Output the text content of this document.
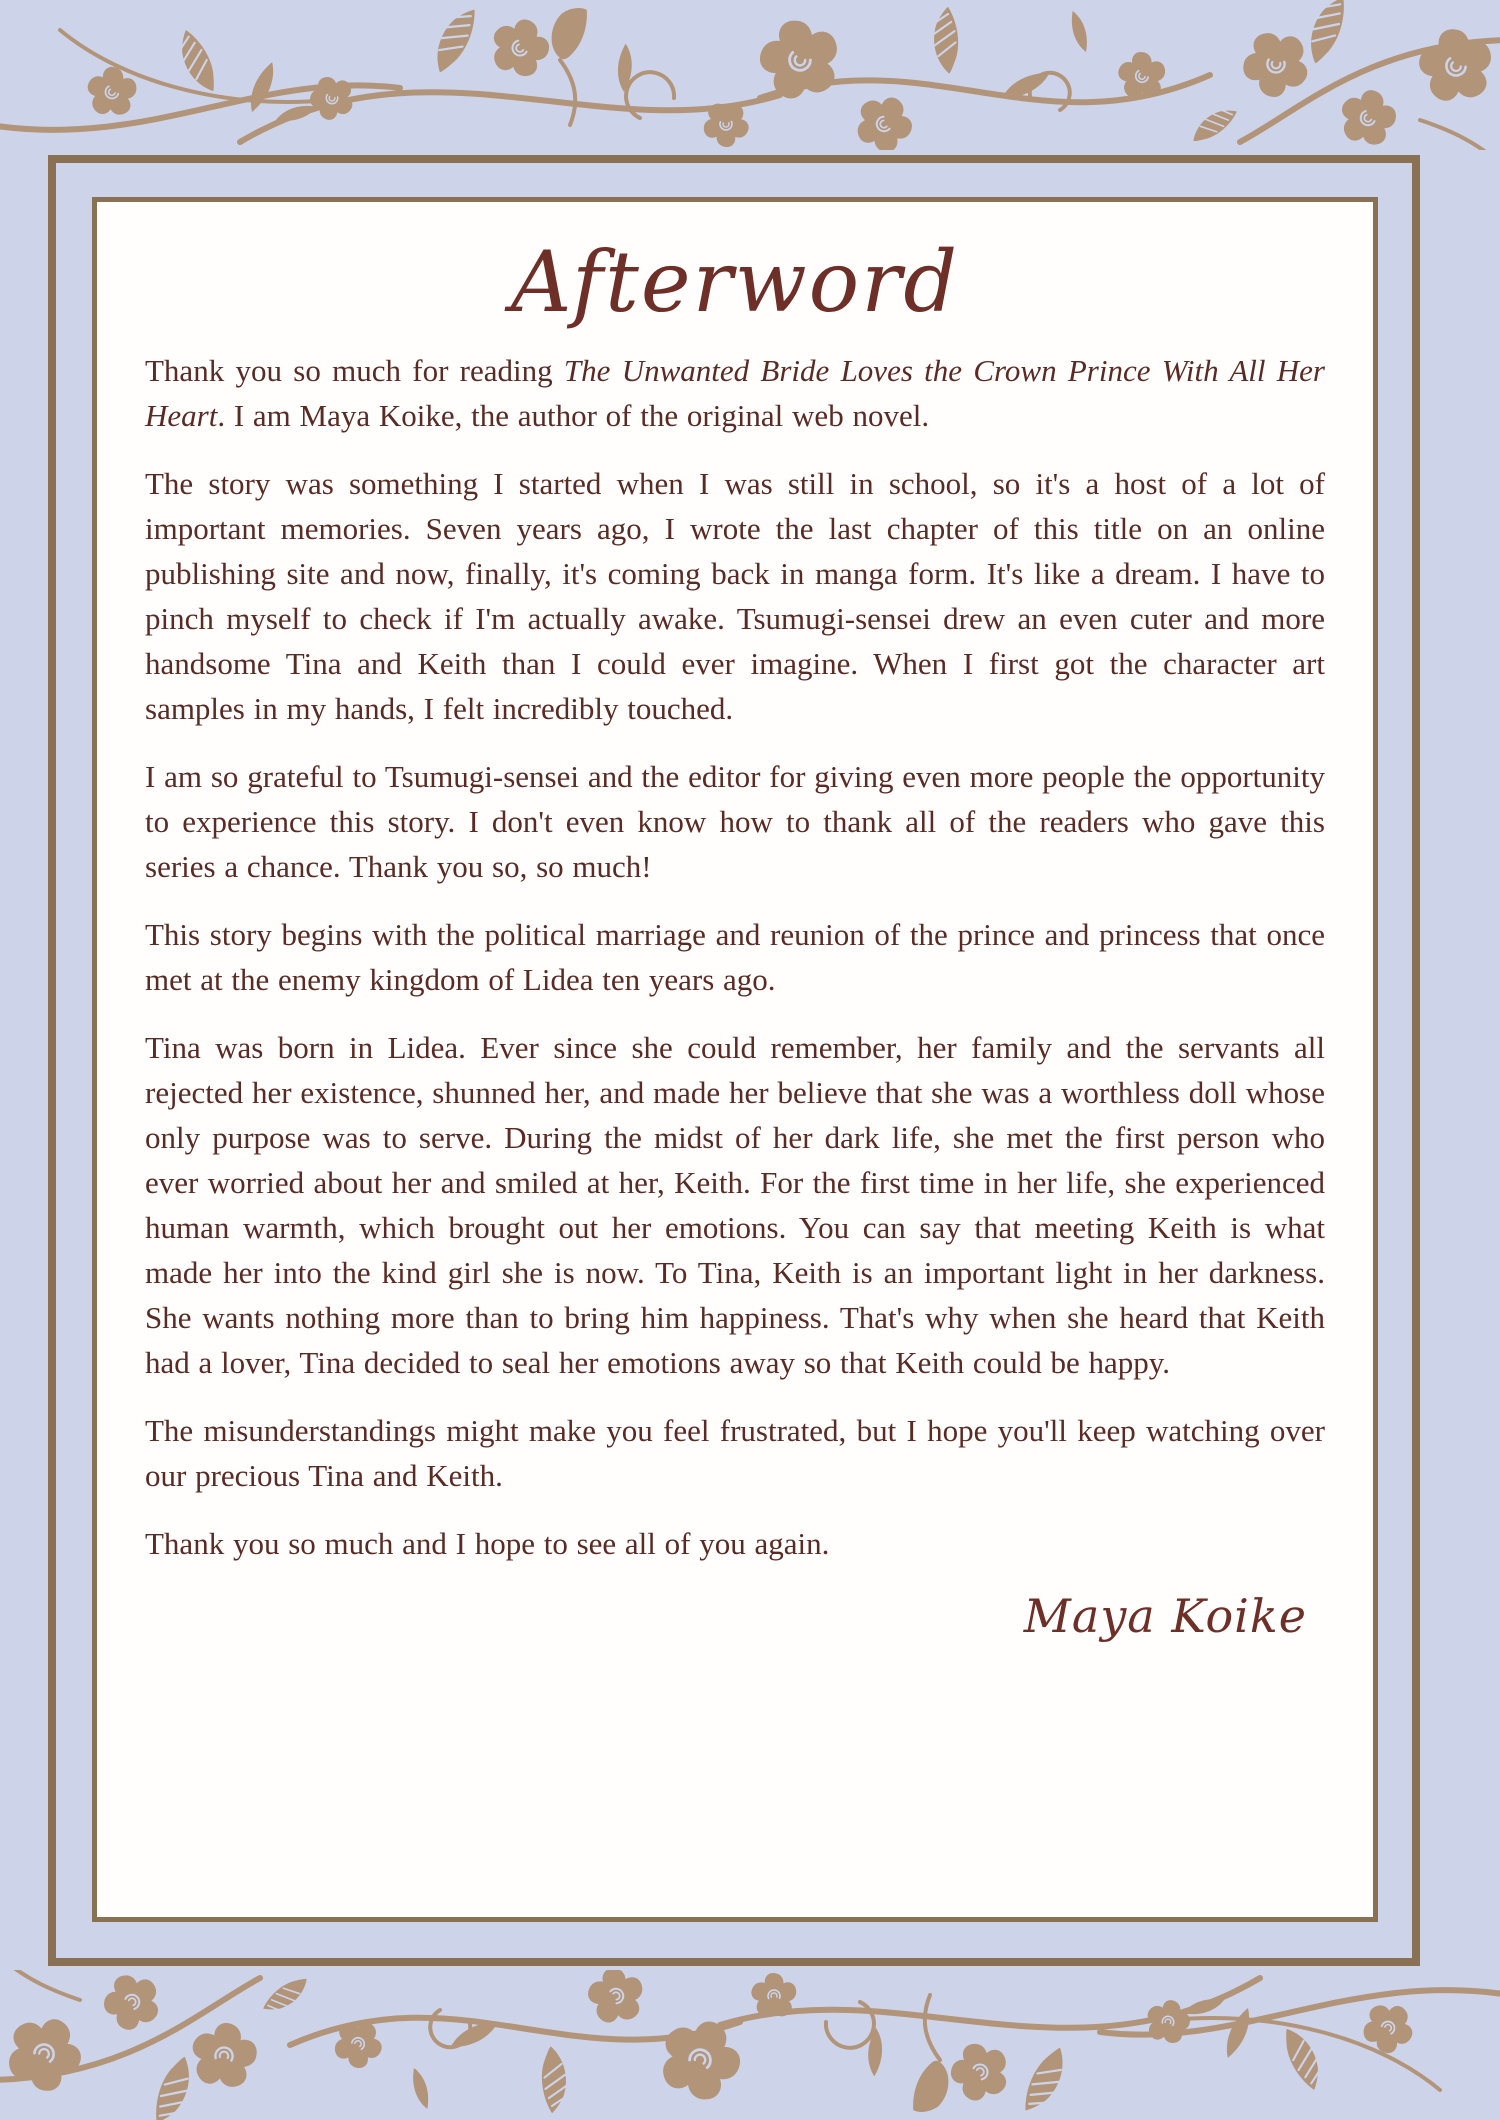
Afterword

Thank you so much for reading The Unwanted Bride Loves the Crown Prince With All Her Heart. I am Maya Koike, the author of the original web novel.

The story was something I started when I was still in school, so it's a host of a lot of important memories. Seven years ago, I wrote the last chapter of this title on an online publishing site and now, finally, it's coming back in manga form. It's like a dream. I have to pinch myself to check if I'm actually awake. Tsumugi-sensei drew an even cuter and more handsome Tina and Keith than I could ever imagine. When I first got the character art samples in my hands, I felt incredibly touched.

I am so grateful to Tsumugi-sensei and the editor for giving even more people the opportunity to experience this story. I don't even know how to thank all of the readers who gave this series a chance. Thank you so, so much!

This story begins with the political marriage and reunion of the prince and princess that once met at the enemy kingdom of Lidea ten years ago.

Tina was born in Lidea. Ever since she could remember, her family and the servants all rejected her existence, shunned her, and made her believe that she was a worthless doll whose only purpose was to serve. During the midst of her dark life, she met the first person who ever worried about her and smiled at her, Keith. For the first time in her life, she experienced human warmth, which brought out her emotions. You can say that meeting Keith is what made her into the kind girl she is now. To Tina, Keith is an important light in her darkness. She wants nothing more than to bring him happiness. That's why when she heard that Keith had a lover, Tina decided to seal her emotions away so that Keith could be happy.

The misunderstandings might make you feel frustrated, but I hope you'll keep watching over our precious Tina and Keith.

Thank you so much and I hope to see all of you again.

Maya Koike
